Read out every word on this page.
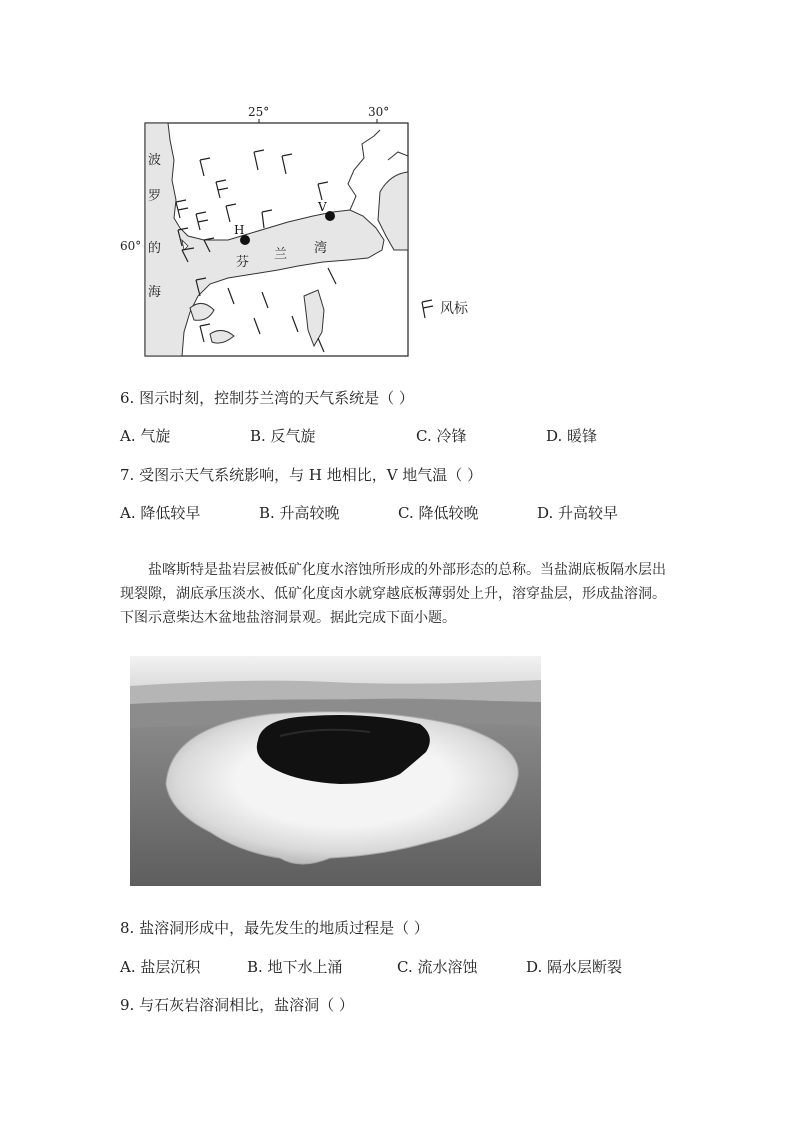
25°	30°
60°
H
V
波
罗
的
海
芬
兰 湾
风标
6. 图示时刻，控制芬兰湾的天气系统是（ ）
A. 气旋	B. 反气旋	C. 冷锋	D. 暖锋
7. 受图示天气系统影响，与 H 地相比，V 地气温（ ）
A. 降低较早	B. 升高较晚	C. 降低较晚	D. 升高较早
盐喀斯特是盐岩层被低矿化度水溶蚀所形成的外部形态的总称。当盐湖底板隔水层出现裂隙，湖底承压淡水、低矿化度卤水就穿越底板薄弱处上升，溶穿盐层，形成盐溶洞。下图示意柴达木盆地盐溶洞景观。据此完成下面小题。
8. 盐溶洞形成中，最先发生的地质过程是（ ）
A. 盐层沉积	B. 地下水上涌	C. 流水溶蚀	D. 隔水层断裂
9. 与石灰岩溶洞相比，盐溶洞（ ）
